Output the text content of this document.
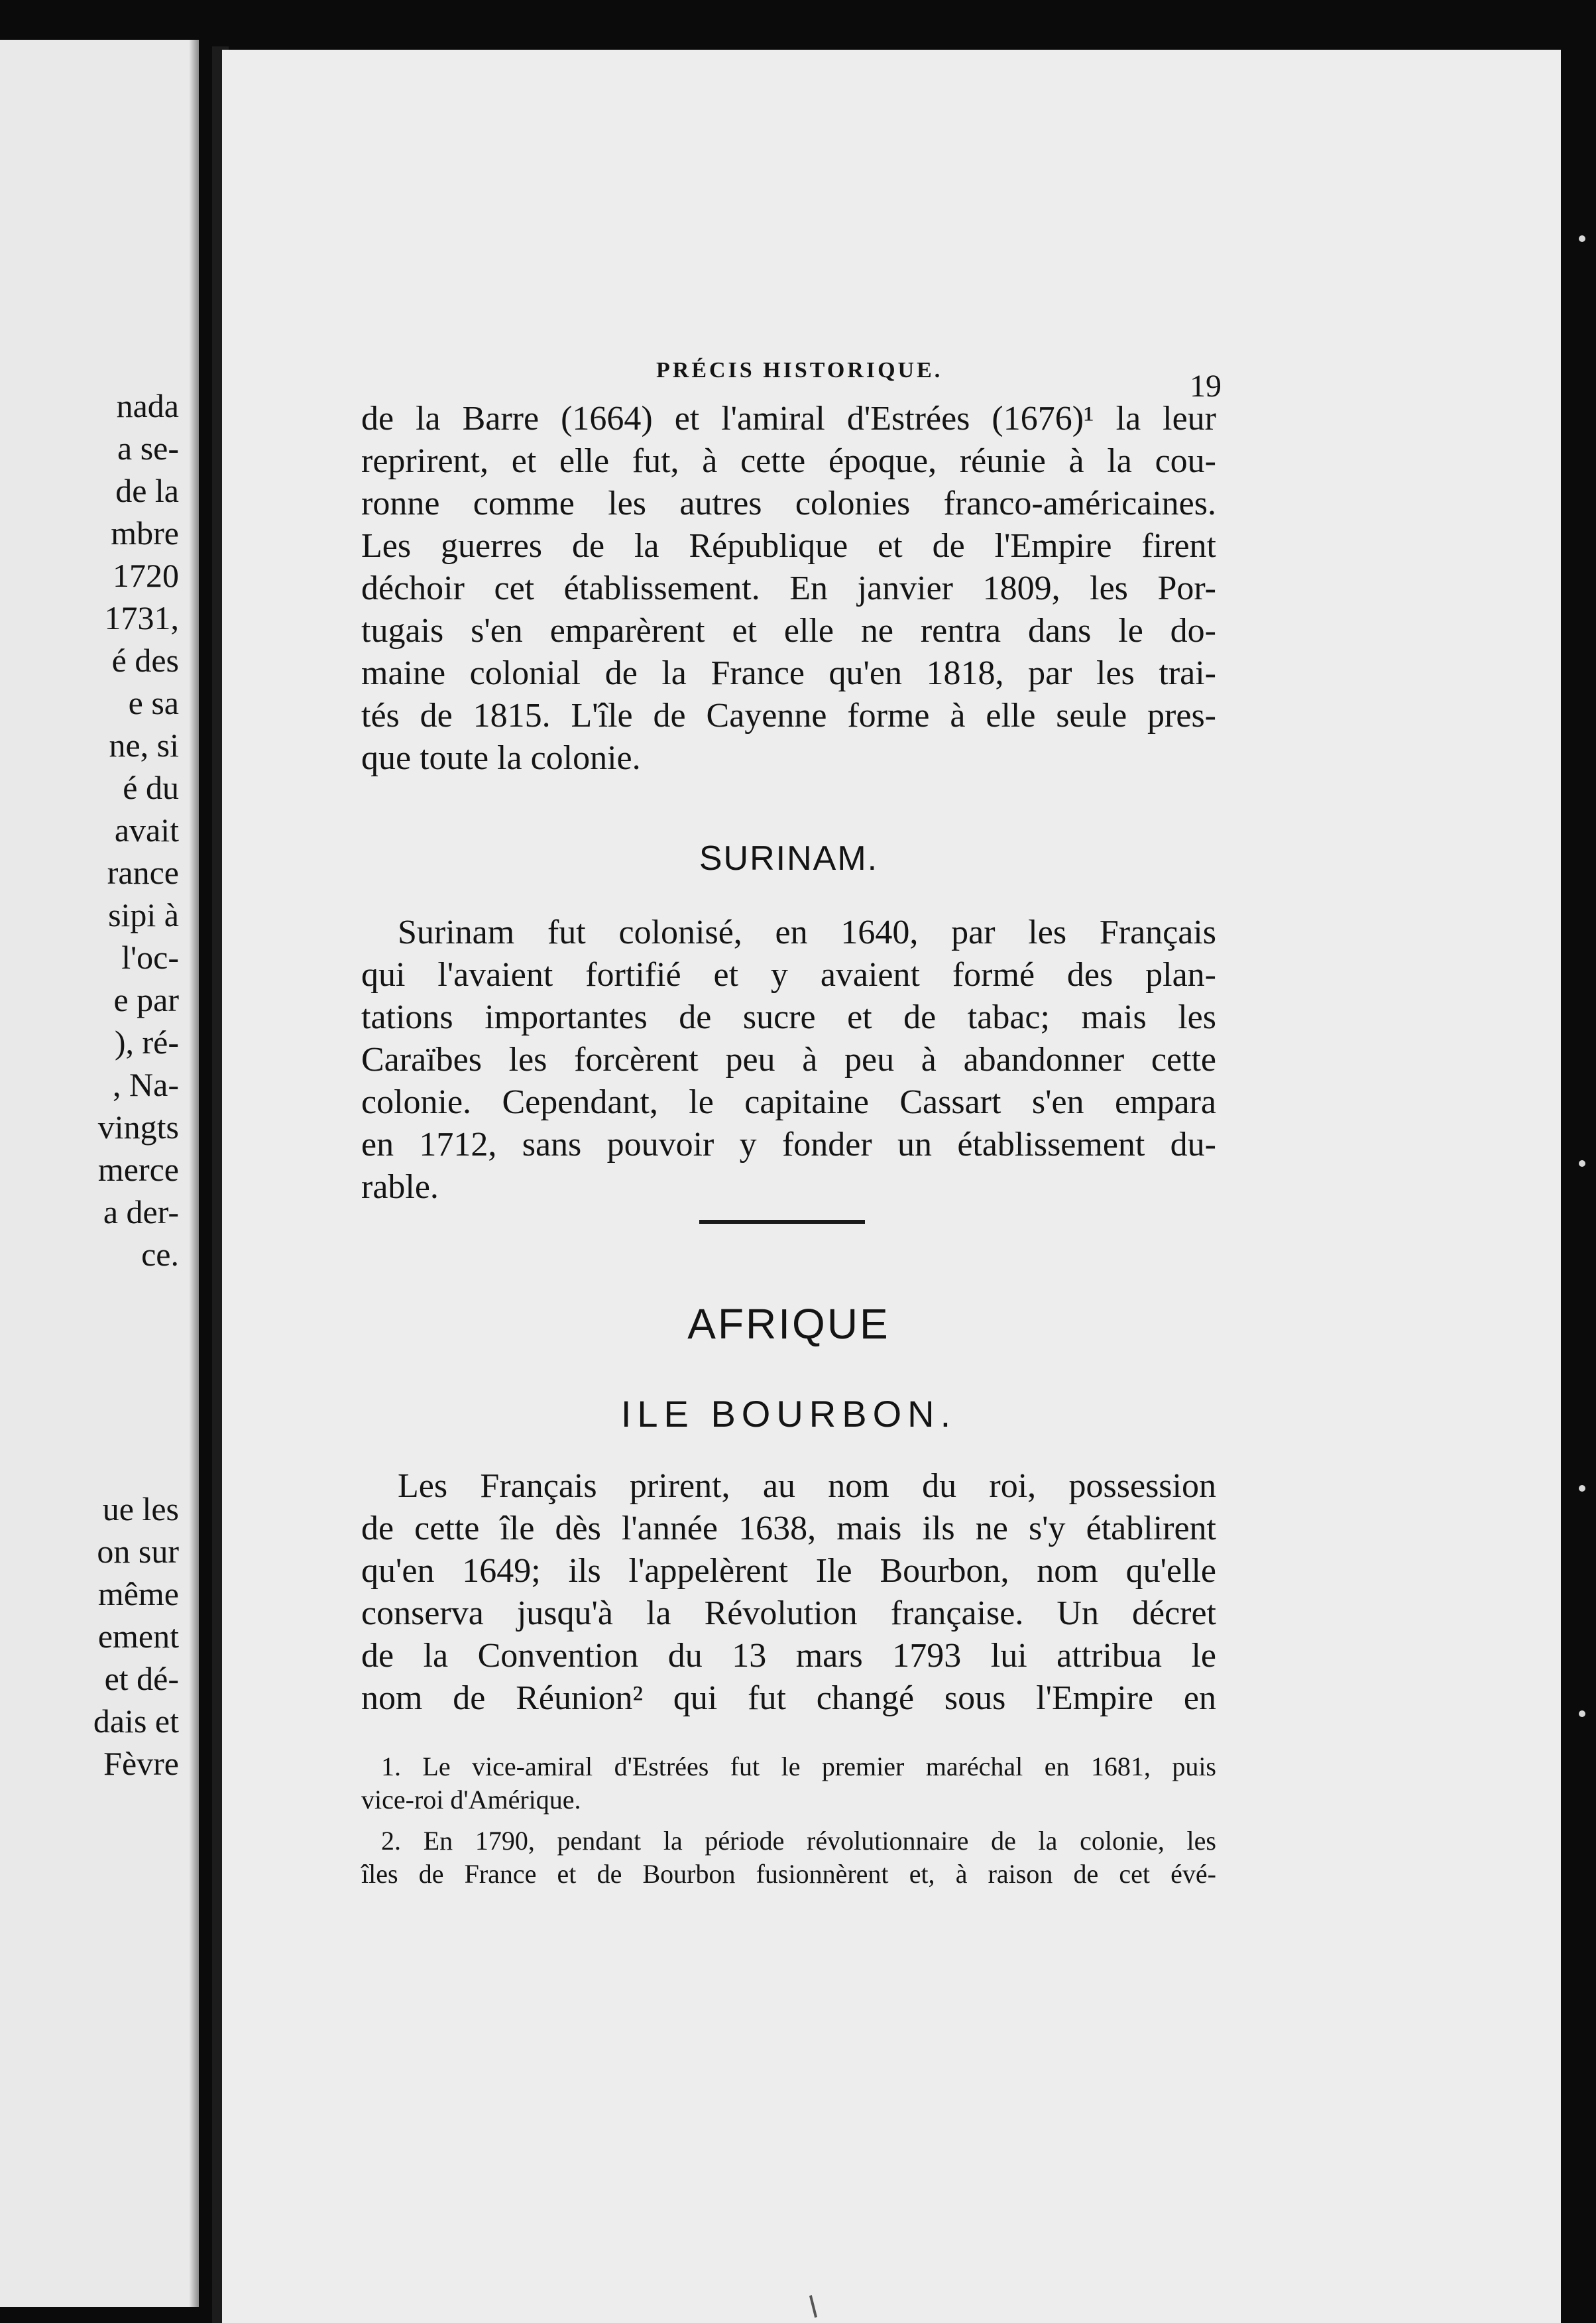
nada
a se-
de la
mbre
1720
1731,
é des
e sa
ne, si
é du
avait
rance
sipi à
l'oc-
e par
), ré-
, Na-
vingts
merce
a der-
ce.
ue les
on sur
même
ement
et dé-
dais et
Fèvre
PRÉCIS HISTORIQUE.	19
de la Barre (1664) et l'amiral d'Estrées (1676)¹ la leur
reprirent, et elle fut, à cette époque, réunie à la cou-
ronne comme les autres colonies franco-américaines.
Les guerres de la République et de l'Empire firent
déchoir cet établissement. En janvier 1809, les Por-
tugais s'en emparèrent et elle ne rentra dans le do-
maine colonial de la France qu'en 1818, par les trai-
tés de 1815. L'île de Cayenne forme à elle seule pres-
que toute la colonie.
SURINAM.
Surinam fut colonisé, en 1640, par les Français
qui l'avaient fortifié et y avaient formé des plan-
tations importantes de sucre et de tabac; mais les
Caraïbes les forcèrent peu à peu à abandonner cette
colonie. Cependant, le capitaine Cassart s'en empara
en 1712, sans pouvoir y fonder un établissement du-
rable.
AFRIQUE
ILE BOURBON.
Les Français prirent, au nom du roi, possession
de cette île dès l'année 1638, mais ils ne s'y établirent
qu'en 1649; ils l'appelèrent Ile Bourbon, nom qu'elle
conserva jusqu'à la Révolution française. Un décret
de la Convention du 13 mars 1793 lui attribua le
nom de Réunion² qui fut changé sous l'Empire en
1. Le vice-amiral d'Estrées fut le premier maréchal en 1681, puis
vice-roi d'Amérique.
2. En 1790, pendant la période révolutionnaire de la colonie, les
îles de France et de Bourbon fusionnèrent et, à raison de cet évé-
